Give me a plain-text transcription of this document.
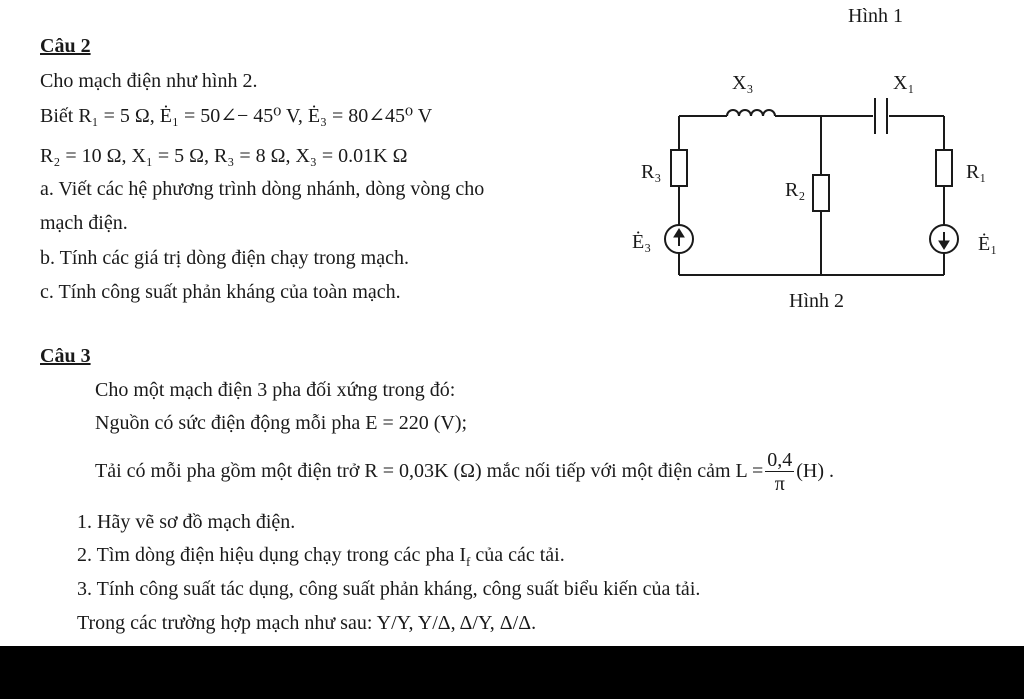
Hình 1
Câu 2
Cho mạch điện như hình 2.
Biết R₁ = 5 Ω, Ė₁ = 50∠− 45⁰ V, Ė₃ = 80∠45⁰ V
R₂ = 10 Ω, X₁ = 5 Ω, R₃ = 8 Ω, X₃ = 0.01K Ω
a. Viết các hệ phương trình dòng nhánh, dòng vòng cho
mạch điện.
b. Tính các giá trị dòng điện chạy trong mạch.
c. Tính công suất phản kháng của toàn mạch.
X₃	X₁
R₃
R₂
R₁
Ė₃	Ė₁
Hình 2
Câu 3
Cho một mạch điện 3 pha đối xứng trong đó:
Nguồn có sức điện động mỗi pha E = 220 (V);
Tải có mỗi pha gồm một điện trở R = 0,03K (Ω) mắc nối tiếp với một điện cảm $L = \frac{0,4}{\pi} (H)$ .
1. Hãy vẽ sơ đồ mạch điện.
2. Tìm dòng điện hiệu dụng chạy trong các pha $I_f$ của các tải.
3. Tính công suất tác dụng, công suất phản kháng, công suất biểu kiến của tải.
Trong các trường hợp mạch như sau: Y/Y, Y/Δ, Δ/Y, Δ/Δ.
